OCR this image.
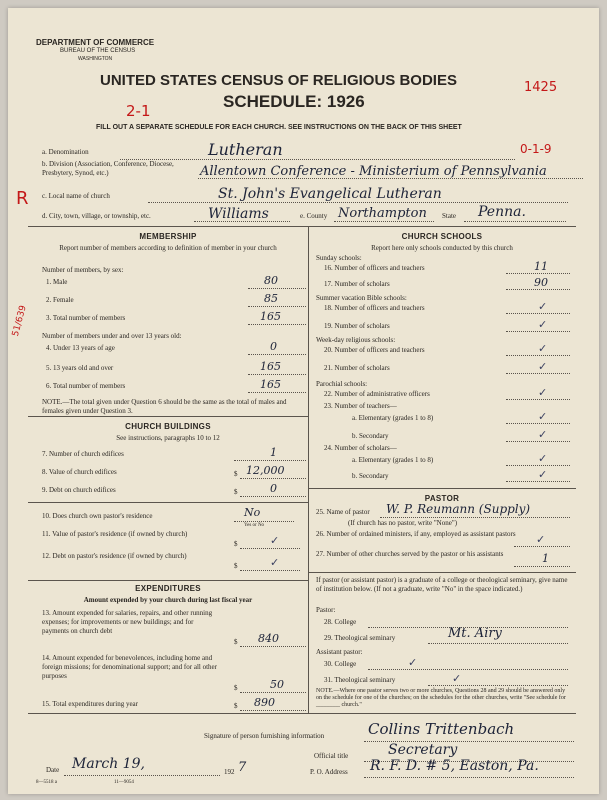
DEPARTMENT OF COMMERCE
BUREAU OF THE CENSUS
WASHINGTON
UNITED STATES CENSUS OF RELIGIOUS BODIES
SCHEDULE: 1926
FILL OUT A SEPARATE SCHEDULE FOR EACH CHURCH. SEE INSTRUCTIONS ON THE BACK OF THIS SHEET
2-1
1425
0-1-9
R
51/639
a. Denomination	Lutheran
b. Division (Association, Conference, Diocese, Presbytery, Synod, etc.)	Allentown Conference - Ministerium of Pennsylvania
c. Local name of church	St. John's Evangelical Lutheran
d. City, town, village, or township, etc.	Williams	e. County Northampton State Penna.
MEMBERSHIP
Report number of members according to definition of member in your church
Number of members, by sex:
1. Male	80
2. Female	85
3. Total number of members	165
Number of members under and over 13 years old:
4. Under 13 years of age	0
5. 13 years old and over	165
6. Total number of members	165
NOTE.—The total given under Question 6 should be the same as the total of males and females given under Question 3.
CHURCH BUILDINGS
See instructions, paragraphs 10 to 12
7. Number of church edifices	1
8. Value of church edifices	$ 12,000
9. Debt on church edifices	$	0
10. Does church own pastor's residence	No
Yes or No
11. Value of pastor's residence (if owned by church)
$	✓
12. Debt on pastor's residence (if owned by church)
$	✓
EXPENDITURES
Amount expended by your church during last fiscal year
13. Amount expended for salaries, repairs, and other running expenses; for improvements or new buildings; and for payments on church debt
$ 840
14. Amount expended for benevolences, including home and foreign missions; for denominational support; and for all other purposes
$	50
15. Total expenditures during year	$ 890
CHURCH SCHOOLS
Report here only schools conducted by this church
Sunday schools:
16. Number of officers and teachers	11
17. Number of scholars	90
Summer vacation Bible schools:
18. Number of officers and teachers	✓
19. Number of scholars	✓
Week-day religious schools:
20. Number of officers and teachers	✓
21. Number of scholars	✓
Parochial schools:
22. Number of administrative officers	✓
23. Number of teachers—
a. Elementary (grades 1 to 8)	✓
b. Secondary	✓
24. Number of scholars—
a. Elementary (grades 1 to 8)	✓
b. Secondary	✓
PASTOR
25. Name of pastor W. P. Reumann (Supply)
(If church has no pastor, write "None")
26. Number of ordained ministers, if any, employed as assistant pastors ✓
27. Number of other churches served by the pastor or his assistants	1
If pastor (or assistant pastor) is a graduate of a college or theological seminary, give name of institution below. (If not a graduate, write "No" in the space indicated.)
Pastor:
28. College
29. Theological seminary	Mt. Airy
Assistant pastor:
30. College	✓
31. Theological seminary	✓
NOTE.—Where one pastor serves two or more churches, Questions 28 and 29 should be answered only on the schedule for one of the churches; on the schedules for the other churches, write "See schedule for ________ church."
Signature of person furnishing information	Collins Trittenbach
Official title	Secretary
Date March 19,	192 7	P. O. Address R. F. D. # 5, Easton, Pa.
8—5518 a	11—9054
